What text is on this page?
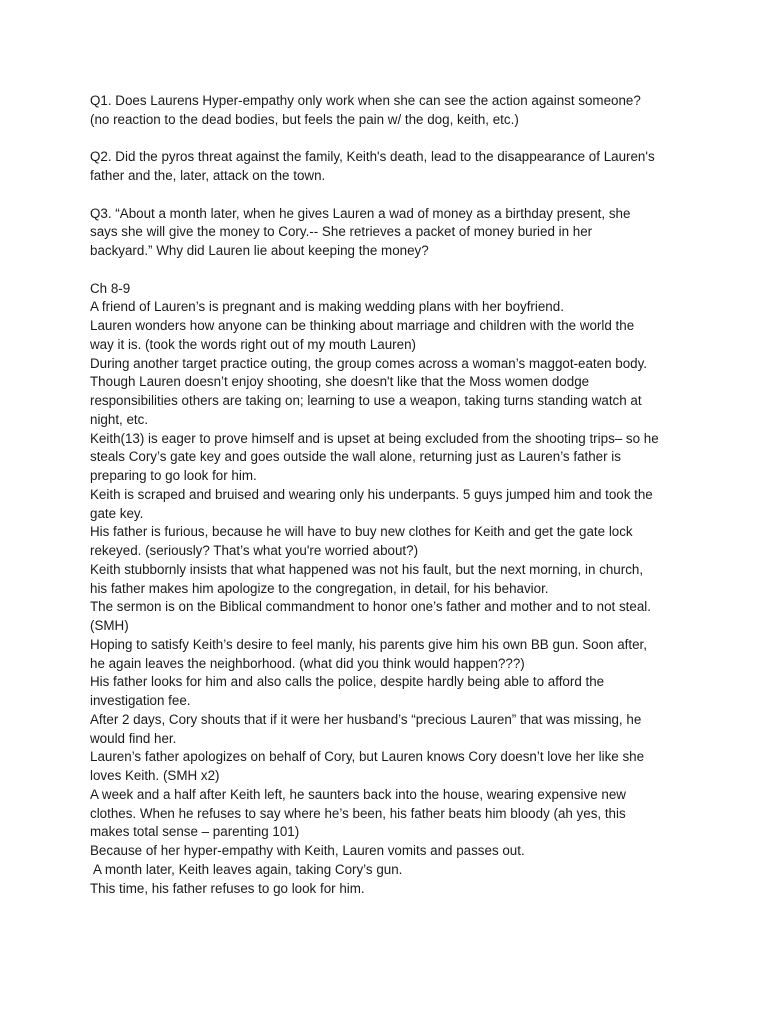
Q1. Does Laurens Hyper-empathy only work when she can see the action against someone?

(no reaction to the dead bodies, but feels the pain w/ the dog, keith, etc.)

Q2. Did the pyros threat against the family, Keith's death, lead to the disappearance of Lauren's

father and the, later, attack on the town.

Q3. “About a month later, when he gives Lauren a wad of money as a birthday present, she

says she will give the money to Cory.-- She retrieves a packet of money buried in her

backyard.” Why did Lauren lie about keeping the money?

Ch 8-9

A friend of Lauren’s is pregnant and is making wedding plans with her boyfriend.

Lauren wonders how anyone can be thinking about marriage and children with the world the

way it is. (took the words right out of my mouth Lauren)

During another target practice outing, the group comes across a woman’s maggot-eaten body.

Though Lauren doesn’t enjoy shooting, she doesn't like that the Moss women dodge

responsibilities others are taking on; learning to use a weapon, taking turns standing watch at

night, etc.

Keith(13) is eager to prove himself and is upset at being excluded from the shooting trips– so he

steals Cory’s gate key and goes outside the wall alone, returning just as Lauren’s father is

preparing to go look for him.

Keith is scraped and bruised and wearing only his underpants. 5 guys jumped him and took the

gate key.

His father is furious, because he will have to buy new clothes for Keith and get the gate lock

rekeyed. (seriously? That’s what you're worried about?)

Keith stubbornly insists that what happened was not his fault, but the next morning, in church,

his father makes him apologize to the congregation, in detail, for his behavior.

The sermon is on the Biblical commandment to honor one’s father and mother and to not steal.

(SMH)

Hoping to satisfy Keith’s desire to feel manly, his parents give him his own BB gun. Soon after,

he again leaves the neighborhood. (what did you think would happen???)

His father looks for him and also calls the police, despite hardly being able to afford the

investigation fee.

After 2 days, Cory shouts that if it were her husband’s “precious Lauren” that was missing, he

would find her.

Lauren’s father apologizes on behalf of Cory, but Lauren knows Cory doesn’t love her like she

loves Keith. (SMH x2)

A week and a half after Keith left, he saunters back into the house, wearing expensive new

clothes. When he refuses to say where he’s been, his father beats him bloody (ah yes, this

makes total sense – parenting 101)

Because of her hyper-empathy with Keith, Lauren vomits and passes out.

A month later, Keith leaves again, taking Cory’s gun.

This time, his father refuses to go look for him.
